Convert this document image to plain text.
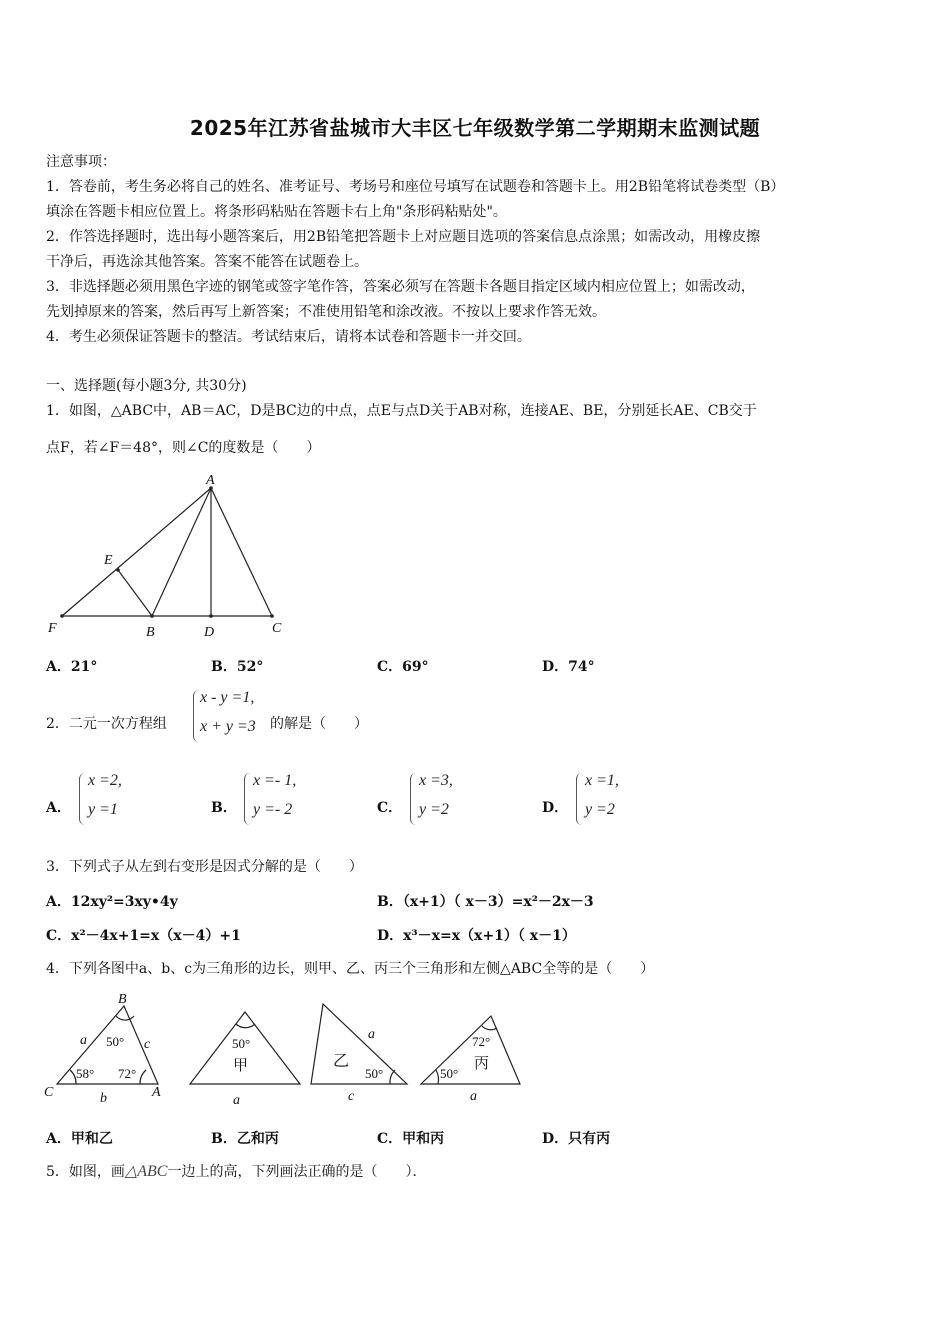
2025年江苏省盐城市大丰区七年级数学第二学期期末监测试题
注意事项：
1．答卷前，考生务必将自己的姓名、准考证号、考场号和座位号填写在试题卷和答题卡上。用2B铅笔将试卷类型（B）
填涂在答题卡相应位置上。将条形码粘贴在答题卡右上角"条形码粘贴处"。
2．作答选择题时，选出每小题答案后，用2B铅笔把答题卡上对应题目选项的答案信息点涂黑；如需改动，用橡皮擦
干净后，再选涂其他答案。答案不能答在试题卷上。
3．非选择题必须用黑色字迹的钢笔或签字笔作答，答案必须写在答题卡各题目指定区域内相应位置上；如需改动，
先划掉原来的答案，然后再写上新答案；不准使用铅笔和涂改液。不按以上要求作答无效。
4．考生必须保证答题卡的整洁。考试结束后，请将本试卷和答题卡一并交回。
一、选择题(每小题3分, 共30分)
1．如图，△ABC中，AB＝AC，D是BC边的中点，点E与点D关于AB对称，连接AE、BE，分别延长AE、CB交于
点F，若∠F＝48°，则∠C的度数是（　　）
A
E
F	B	D	C
A．21°	B．52°	C．69°	D．74°
2．二元一次方程组
x - y =1,
x + y =3 的解是（　　）
A．
x =2,
y =1	B．
x =- 1,
y =- 2	C．
x =3,
y =2	D．
x =1,
y =2
3．下列式子从左到右变形是因式分解的是（　　）
A．12xy²=3xy•4y	B．（x+1）（ x－3）=x²－2x－3
C．x²－4x+1=x（x－4）+1	D．x³－x=x（x+1）（ x－1）
4．下列各图中a、b、c为三角形的边长，则甲、乙、丙三个三角形和左侧△ABC全等的是（　　）
B
a	c
50°
58° 72°
C	b	A
50°
甲
a
乙
a
50°
c
72°
丙
50°
a
A．甲和乙	B．乙和丙	C．甲和丙	D．只有丙
5．如图，画△ABC一边上的高，下列画法正确的是（　　）．
